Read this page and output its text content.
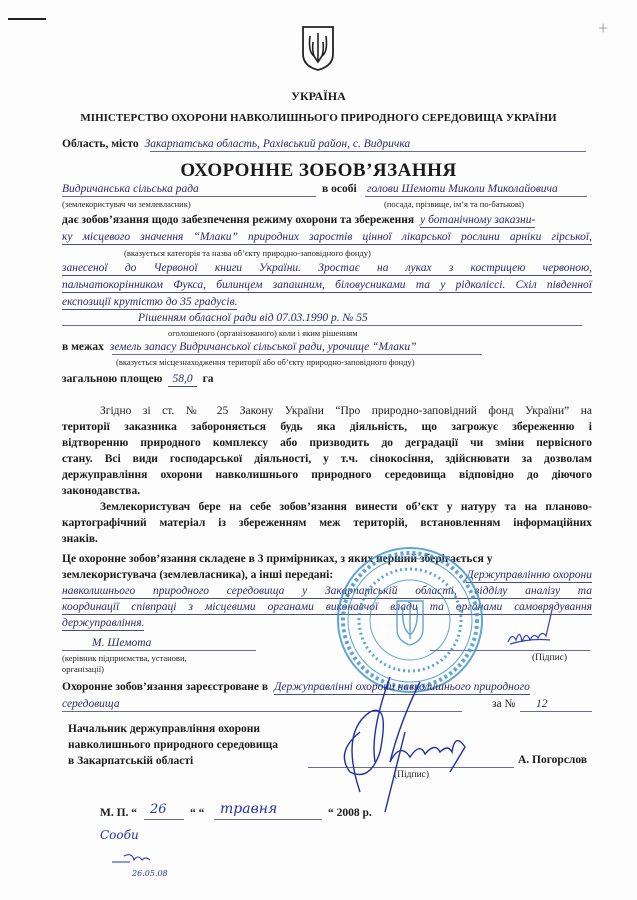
+
УКРАЇНА
МІНІСТЕРСТВО ОХОРОНИ НАВКОЛИШНЬОГО ПРИРОДНОГО СЕРЕДОВИЩА УКРАЇНИ
Область, місто Закарпатська область, Рахівський район, с. Видричка
ОХОРОННЕ ЗОБОВ’ЯЗАННЯ
Видричанська сільська рада	в особі голови Шемоти Миколи Миколайовича
(землекористувач чи землевласник)	(посада, прізвище, ім’я та по-батькові)
дає зобов’язання щодо забезпечення режиму охорони та збереження у ботанічному заказни-
ку місцевого значення “Млаки” природних заростів цінної лікарської рослини арніки гірської,
(вказується категорія та назва об’єкту природно-заповідного фонду)
занесеної до Червоної книги України. Зростає на луках з кострицею червоною,
пальчатокорінником Фукса, билинцем запашним, біловусниками та у рідколіссі. Схіл південної
експозиції крутістю до 35 градусів.
Рішенням обласної ради від 07.03.1990 р. № 55
оголошеного (організованого) коли і яким рішенням
в межах земель запасу Видричанської сільської ради, урочище “Млаки”
(вказується місцезнаходження території або об’єкту природно-заповідного фонду)
загальною площею 58,0 га
Згідно зі ст. № 25 Закону України “Про природно-заповідний фонд України” на
території заказника забороняється будь яка діяльність, що загрожує збереженню і
відтворенню природного комплексу або призводить до деградації чи зміни первісного
стану. Всі види господарської діяльності, у т.ч. сінокосіння, здійснювати за дозволам
держуправління охорони навколишнього природного середовища відповідно до діючого
законодавства.
Землекористувач бере на себе зобов’язання винести об’єкт у натуру та на планово-
картографічний матеріал із збереженням меж територій, встановленням інформаційних
знаків.
Це охоронне зобов’язання складене в 3 примірниках, з яких перший зберігається у
землекористувача (землевласника), а інші передані:	Держуправлінню охорони
навколишнього природного середовища у Закарпатській області, відділу аналізу та
координації співпраці з місцевими органами виконавчої влади та органами самоврядування
держуправління.
М. Шемота
(керівник підприємства, установи,
організації)
(Підпис)
Охоронне зобов’язання зареєстроване в Держуправлінні охорони навколишнього природного
середовища	за № 12
Начальник держуправління охорони
навколишнього природного середовища
в Закарпатській області
(Підпис)
А. Погорслов
М. П. “ 26 “ “ травня	“ 2008 р.
Сооби
26.05.08
